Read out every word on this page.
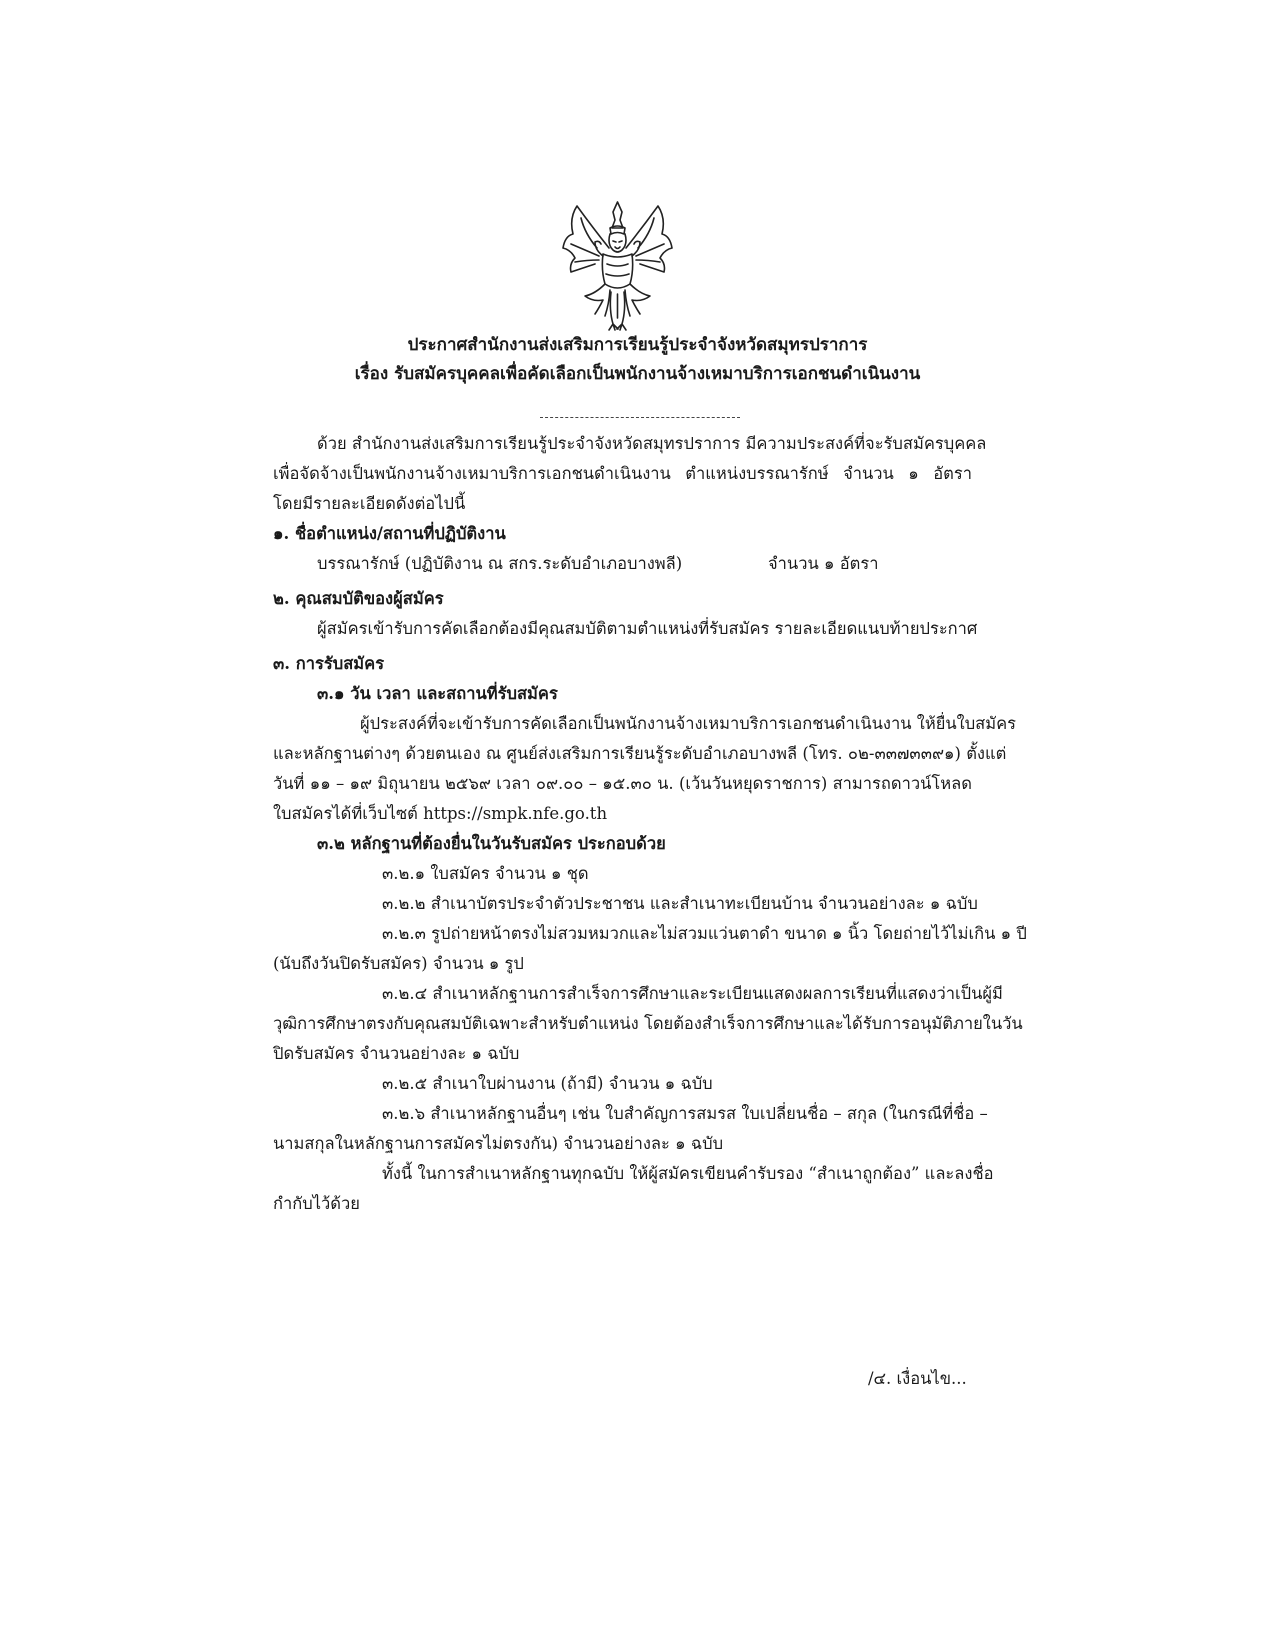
ประกาศสำนักงานส่งเสริมการเรียนรู้ประจำจังหวัดสมุทรปราการ
เรื่อง รับสมัครบุคคลเพื่อคัดเลือกเป็นพนักงานจ้างเหมาบริการเอกชนดำเนินงาน
ด้วย สำนักงานส่งเสริมการเรียนรู้ประจำจังหวัดสมุทรปราการ มีความประสงค์ที่จะรับสมัครบุคคล
เพื่อจัดจ้างเป็นพนักงานจ้างเหมาบริการเอกชนดำเนินงาน ตำแหน่งบรรณารักษ์ จำนวน ๑ อัตรา
โดยมีรายละเอียดดังต่อไปนี้
๑. ชื่อตำแหน่ง/สถานที่ปฏิบัติงาน
บรรณารักษ์ (ปฏิบัติงาน ณ สกร.ระดับอำเภอบางพลี)	จำนวน ๑ อัตรา
๒. คุณสมบัติของผู้สมัคร
ผู้สมัครเข้ารับการคัดเลือกต้องมีคุณสมบัติตามตำแหน่งที่รับสมัคร รายละเอียดแนบท้ายประกาศ
๓. การรับสมัคร
๓.๑ วัน เวลา และสถานที่รับสมัคร
ผู้ประสงค์ที่จะเข้ารับการคัดเลือกเป็นพนักงานจ้างเหมาบริการเอกชนดำเนินงาน ให้ยื่นใบสมัคร
และหลักฐานต่างๆ ด้วยตนเอง ณ ศูนย์ส่งเสริมการเรียนรู้ระดับอำเภอบางพลี (โทร. ๐๒-๓๓๗๓๓๙๑) ตั้งแต่
วันที่ ๑๑ – ๑๙ มิถุนายน ๒๕๖๙ เวลา ๐๙.๐๐ – ๑๕.๓๐ น. (เว้นวันหยุดราชการ) สามารถดาวน์โหลด
ใบสมัครได้ที่เว็บไซต์ https://smpk.nfe.go.th
๓.๒ หลักฐานที่ต้องยื่นในวันรับสมัคร ประกอบด้วย
๓.๒.๑ ใบสมัคร จำนวน ๑ ชุด
๓.๒.๒ สำเนาบัตรประจำตัวประชาชน และสำเนาทะเบียนบ้าน จำนวนอย่างละ ๑ ฉบับ
๓.๒.๓ รูปถ่ายหน้าตรงไม่สวมหมวกและไม่สวมแว่นตาดำ ขนาด ๑ นิ้ว โดยถ่ายไว้ไม่เกิน ๑ ปี
(นับถึงวันปิดรับสมัคร) จำนวน ๑ รูป
๓.๒.๔ สำเนาหลักฐานการสำเร็จการศึกษาและระเบียนแสดงผลการเรียนที่แสดงว่าเป็นผู้มี
วุฒิการศึกษาตรงกับคุณสมบัติเฉพาะสำหรับตำแหน่ง โดยต้องสำเร็จการศึกษาและได้รับการอนุมัติภายในวัน
ปิดรับสมัคร จำนวนอย่างละ ๑ ฉบับ
๓.๒.๕ สำเนาใบผ่านงาน (ถ้ามี) จำนวน ๑ ฉบับ
๓.๒.๖ สำเนาหลักฐานอื่นๆ เช่น ใบสำคัญการสมรส ใบเปลี่ยนชื่อ – สกุล (ในกรณีที่ชื่อ –
นามสกุลในหลักฐานการสมัครไม่ตรงกัน) จำนวนอย่างละ ๑ ฉบับ
ทั้งนี้ ในการสำเนาหลักฐานทุกฉบับ ให้ผู้สมัครเขียนคำรับรอง “สำเนาถูกต้อง” และลงชื่อ
กำกับไว้ด้วย
/๔. เงื่อนไข...
